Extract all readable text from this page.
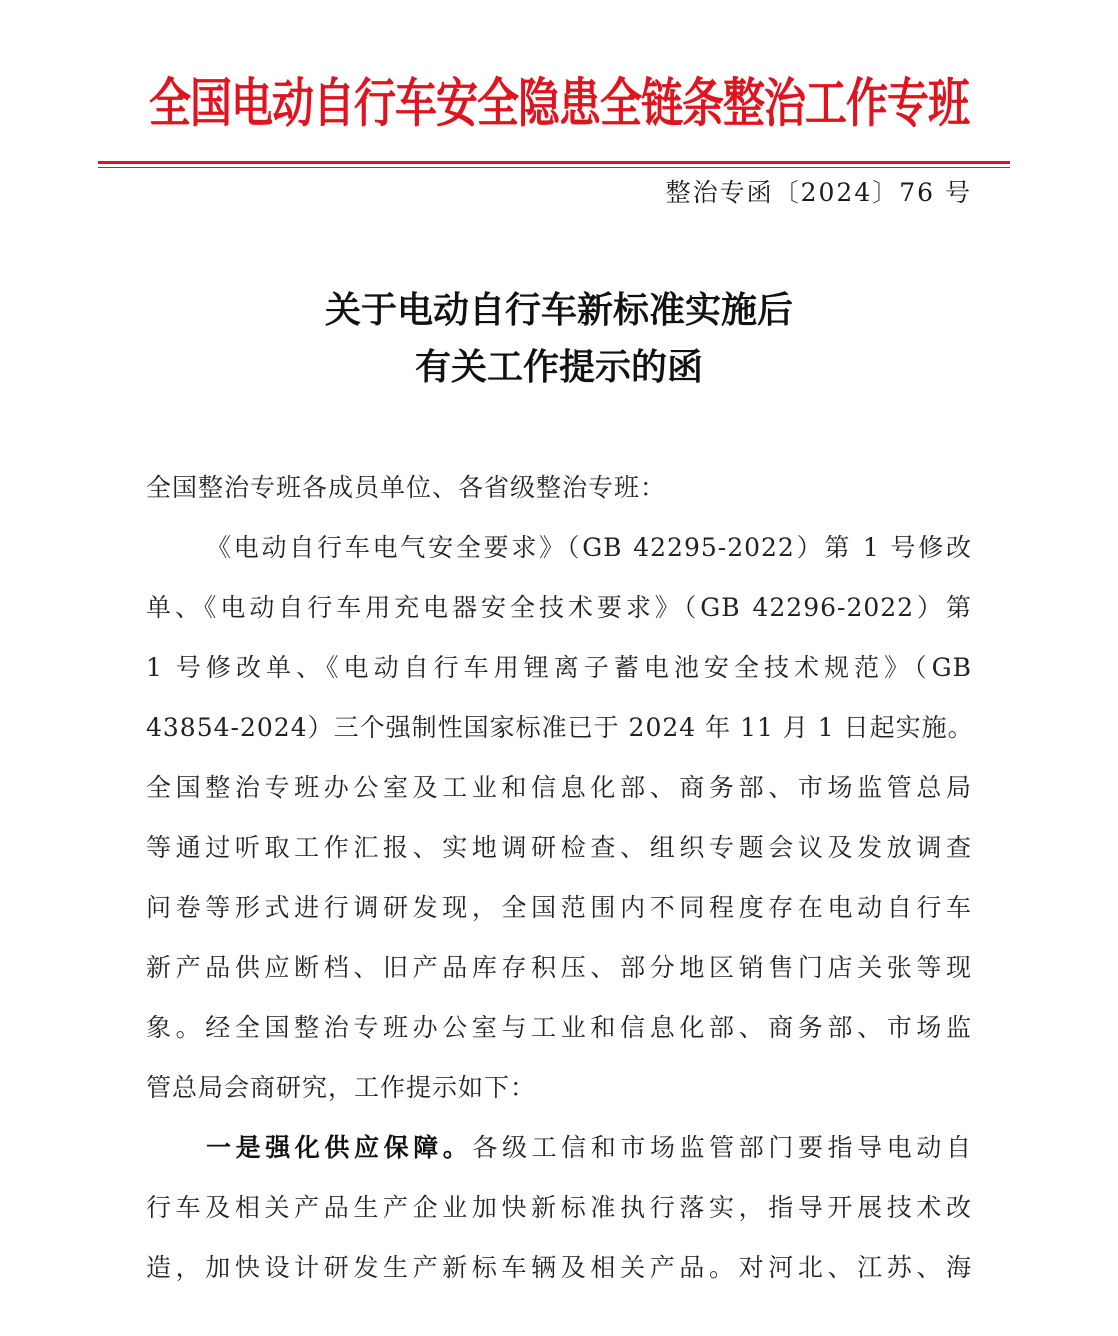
全国电动自行车安全隐患全链条整治工作专班
整治专函〔2024〕76 号
关于电动自行车新标准实施后
有关工作提示的函
全国整治专班各成员单位、各省级整治专班：
《电动自行车电气安全要求》（GB 42295-2022）第 1 号修改
单、《电动自行车用充电器安全技术要求》（GB 42296-2022）第
1 号修改单、《电动自行车用锂离子蓄电池安全技术规范》（GB
43854-2024）三个强制性国家标准已于 2024 年 11 月 1 日起实施。
全国整治专班办公室及工业和信息化部、商务部、市场监管总局
等通过听取工作汇报、实地调研检查、组织专题会议及发放调查
问卷等形式进行调研发现，全国范围内不同程度存在电动自行车
新产品供应断档、旧产品库存积压、部分地区销售门店关张等现
象。经全国整治专班办公室与工业和信息化部、商务部、市场监
管总局会商研究，工作提示如下：
一是强化供应保障。各级工信和市场监管部门要指导电动自
行车及相关产品生产企业加快新标准执行落实，指导开展技术改
造，加快设计研发生产新标车辆及相关产品。对河北、江苏、海
